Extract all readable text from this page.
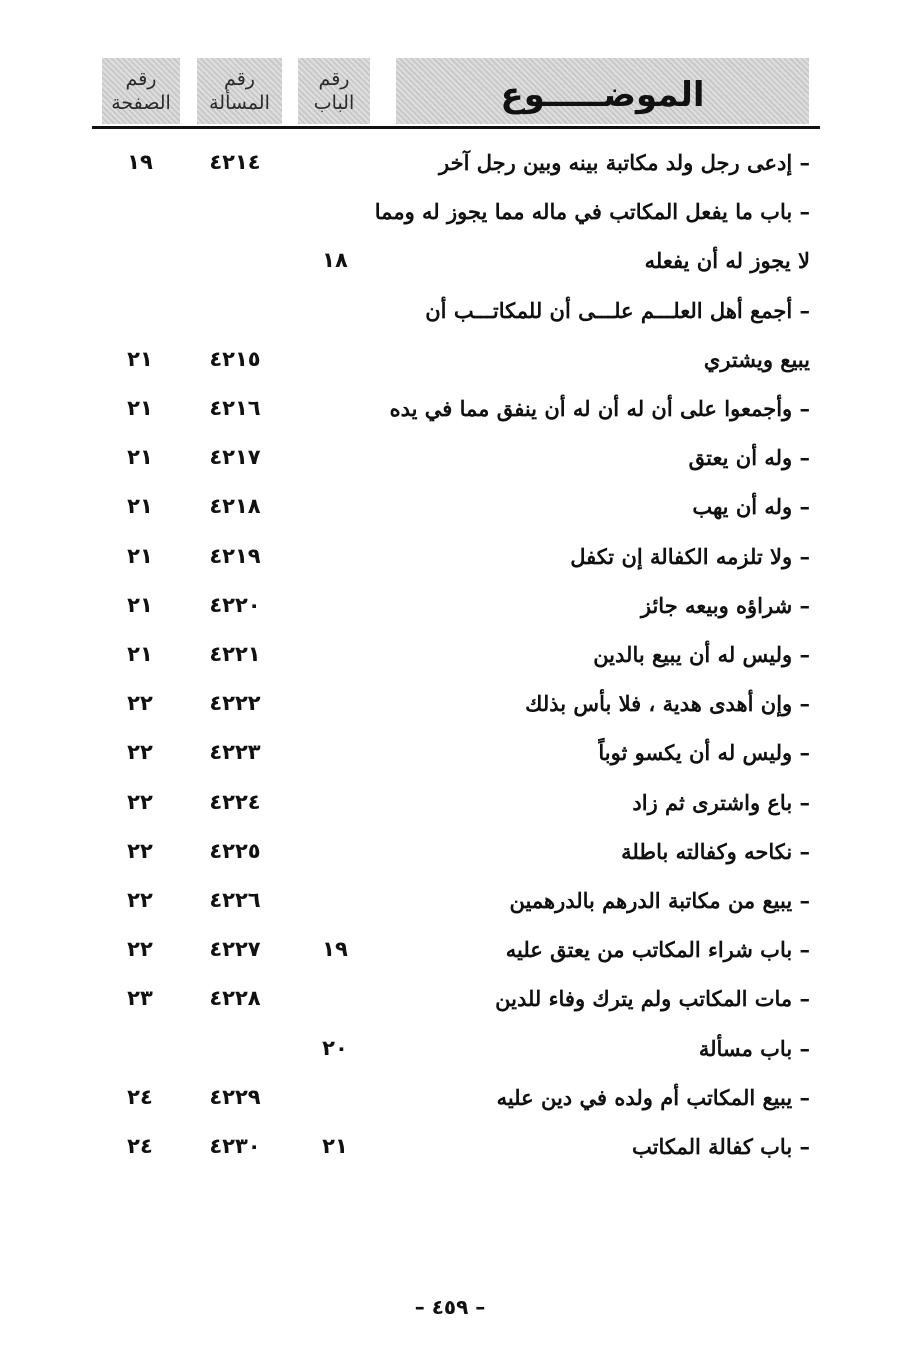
الموضـــــوع
رقم
الباب
رقم
المسألة
رقم
الصفحة
– إدعى رجل ولد مكاتبة بينه وبين رجل آخر
٤٢١٤
١٩
– باب ما يفعل المكاتب في ماله مما يجوز له ومما
لا يجوز له أن يفعله
١٨
– أجمع أهل العلـــم علـــى أن للمكاتـــب أن
يبيع ويشتري
٤٢١٥
٢١
– وأجمعوا على أن له أن له أن ينفق مما في يده
٤٢١٦
٢١
– وله أن يعتق
٤٢١٧
٢١
– وله أن يهب
٤٢١٨
٢١
– ولا تلزمه الكفالة إن تكفل
٤٢١٩
٢١
– شراؤه وبيعه جائز
٤٢٢٠
٢١
– وليس له أن يبيع بالدين
٤٢٢١
٢١
– وإن أهدى هدية ، فلا بأس بذلك
٤٢٢٢
٢٢
– وليس له أن يكسو ثوباً
٤٢٢٣
٢٢
– باع واشترى ثم زاد
٤٢٢٤
٢٢
– نكاحه وكفالته باطلة
٤٢٢٥
٢٢
– يبيع من مكاتبة الدرهم بالدرهمين
٤٢٢٦
٢٢
– باب شراء المكاتب من يعتق عليه
١٩
٤٢٢٧
٢٢
– مات المكاتب ولم يترك وفاء للدين
٤٢٢٨
٢٣
– باب مسألة
٢٠
– يبيع المكاتب أم ولده في دين عليه
٤٢٢٩
٢٤
– باب كفالة المكاتب
٢١
٤٢٣٠
٢٤
– ٤٥٩ –
